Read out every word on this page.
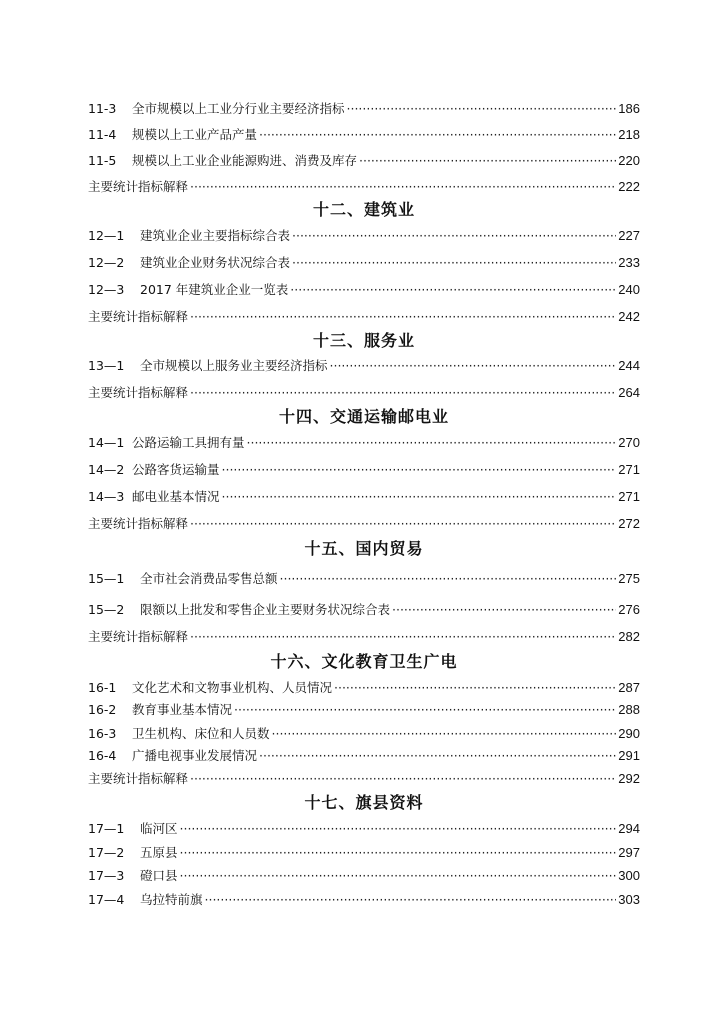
11-3	全市规模以上工业分行业主要经济指标 ·····	186
11-4	规模以上工业产品产量 ·····	218
11-5	规模以上工业企业能源购进、消费及库存 ·····	220
主要统计指标解释 ·····	222
十二、建筑业
12—1	建筑业企业主要指标综合表 ·····	227
12—2	建筑业企业财务状况综合表 ·····	233
12—3	2017 年建筑业企业一览表 ·····	240
主要统计指标解释 ·····	242
十三、服务业
13—1	全市规模以上服务业主要经济指标 ·····	244
主要统计指标解释 ·····	264
十四、交通运输邮电业
14—1 公路运输工具拥有量 ·····	270
14—2 公路客货运输量 ·····	271
14—3 邮电业基本情况 ·····	271
主要统计指标解释 ·····	272
十五、国内贸易
15—1	全市社会消费品零售总额 ·····	275
15—2	限额以上批发和零售企业主要财务状况综合表 ·····	276
主要统计指标解释 ·····	282
十六、文化教育卫生广电
16-1	文化艺术和文物事业机构、人员情况 ·····	287
16-2	教育事业基本情况 ·····	288
16-3	卫生机构、床位和人员数 ·····	290
16-4	广播电视事业发展情况 ·····	291
主要统计指标解释 ·····	292
十七、旗县资料
17—1	临河区 ·····	294
17—2	五原县 ·····	297
17—3	磴口县 ·····	300
17—4	乌拉特前旗 ·····	303
